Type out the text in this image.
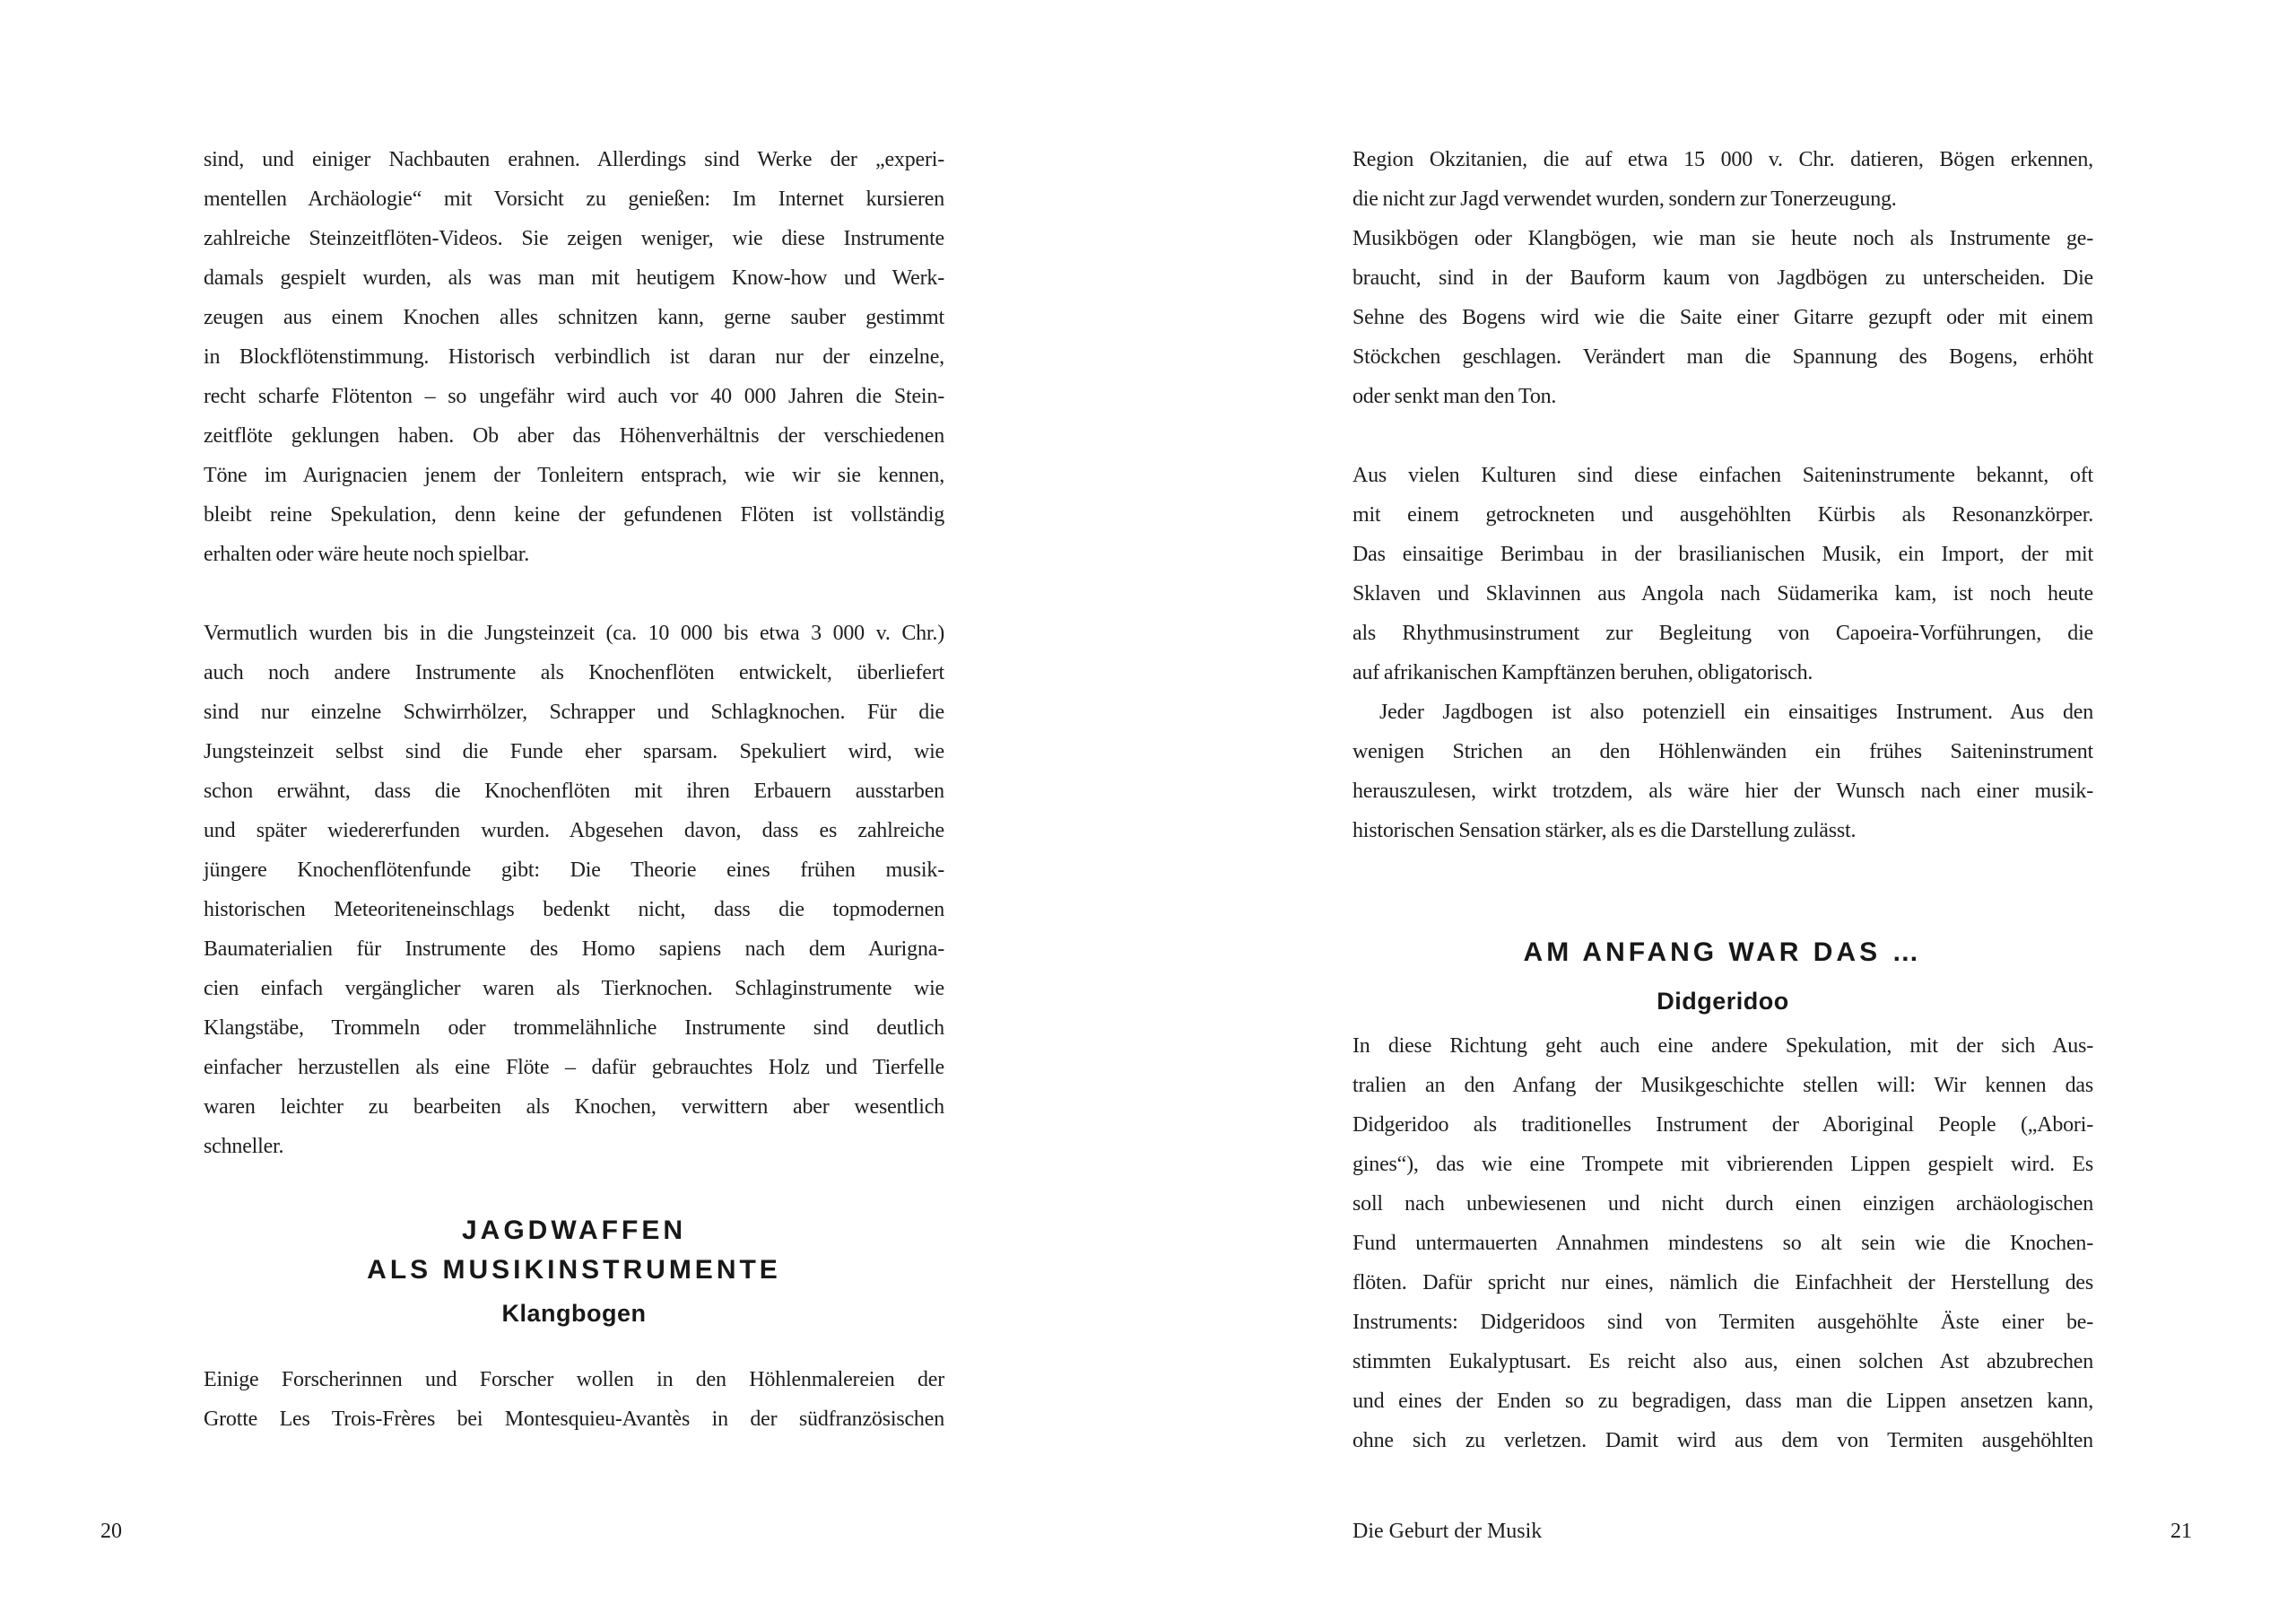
sind, und einiger Nachbauten erahnen. Allerdings sind Werke der „experi-
mentellen Archäologie“ mit Vorsicht zu genießen: Im Internet kursieren
zahlreiche Steinzeitflöten-Videos. Sie zeigen weniger, wie diese Instrumente
damals gespielt wurden, als was man mit heutigem Know-how und Werk-
zeugen aus einem Knochen alles schnitzen kann, gerne sauber gestimmt
in Blockflötenstimmung. Historisch verbindlich ist daran nur der einzelne,
recht scharfe Flötenton – so ungefähr wird auch vor 40 000 Jahren die Stein-
zeitflöte geklungen haben. Ob aber das Höhenverhältnis der verschiedenen
Töne im Aurignacien jenem der Tonleitern entsprach, wie wir sie kennen,
bleibt reine Spekulation, denn keine der gefundenen Flöten ist vollständig
erhalten oder wäre heute noch spielbar.
Vermutlich wurden bis in die Jungsteinzeit (ca. 10 000 bis etwa 3 000 v. Chr.)
auch noch andere Instrumente als Knochenflöten entwickelt, überliefert
sind nur einzelne Schwirrhölzer, Schrapper und Schlagknochen. Für die
Jungsteinzeit selbst sind die Funde eher sparsam. Spekuliert wird, wie
schon erwähnt, dass die Knochenflöten mit ihren Erbauern ausstarben
und später wiedererfunden wurden. Abgesehen davon, dass es zahlreiche
jüngere Knochenflötenfunde gibt: Die Theorie eines frühen musik-
historischen Meteoriteneinschlags bedenkt nicht, dass die topmodernen
Baumaterialien für Instrumente des Homo sapiens nach dem Aurigna-
cien einfach vergänglicher waren als Tierknochen. Schlaginstrumente wie
Klangstäbe, Trommeln oder trommelähnliche Instrumente sind deutlich
einfacher herzustellen als eine Flöte – dafür gebrauchtes Holz und Tierfelle
waren leichter zu bearbeiten als Knochen, verwittern aber wesentlich
schneller.
JAGDWAFFEN
ALS MUSIKINSTRUMENTE
Klangbogen
Einige Forscherinnen und Forscher wollen in den Höhlenmalereien der
Grotte Les Trois-Frères bei Montesquieu-Avantès in der südfranzösischen
20
Region Okzitanien, die auf etwa 15 000 v. Chr. datieren, Bögen erkennen,
die nicht zur Jagd verwendet wurden, sondern zur Tonerzeugung.
Musikbögen oder Klangbögen, wie man sie heute noch als Instrumente ge-
braucht, sind in der Bauform kaum von Jagdbögen zu unterscheiden. Die
Sehne des Bogens wird wie die Saite einer Gitarre gezupft oder mit einem
Stöckchen geschlagen. Verändert man die Spannung des Bogens, erhöht
oder senkt man den Ton.
Aus vielen Kulturen sind diese einfachen Saiteninstrumente bekannt, oft
mit einem getrockneten und ausgehöhlten Kürbis als Resonanzkörper.
Das einsaitige Berimbau in der brasilianischen Musik, ein Import, der mit
Sklaven und Sklavinnen aus Angola nach Südamerika kam, ist noch heute
als Rhythmusinstrument zur Begleitung von Capoeira-Vorführungen, die
auf afrikanischen Kampftänzen beruhen, obligatorisch.
Jeder Jagdbogen ist also potenziell ein einsaitiges Instrument. Aus den
wenigen Strichen an den Höhlenwänden ein frühes Saiteninstrument
herauszulesen, wirkt trotzdem, als wäre hier der Wunsch nach einer musik-
historischen Sensation stärker, als es die Darstellung zulässt.
AM ANFANG WAR DAS …
Didgeridoo
In diese Richtung geht auch eine andere Spekulation, mit der sich Aus-
tralien an den Anfang der Musikgeschichte stellen will: Wir kennen das
Didgeridoo als traditionelles Instrument der Aboriginal People („Abori-
gines“), das wie eine Trompete mit vibrierenden Lippen gespielt wird. Es
soll nach unbewiesenen und nicht durch einen einzigen archäologischen
Fund untermauerten Annahmen mindestens so alt sein wie die Knochen-
flöten. Dafür spricht nur eines, nämlich die Einfachheit der Herstellung des
Instruments: Didgeridoos sind von Termiten ausgehöhlte Äste einer be-
stimmten Eukalyptusart. Es reicht also aus, einen solchen Ast abzubrechen
und eines der Enden so zu begradigen, dass man die Lippen ansetzen kann,
ohne sich zu verletzen. Damit wird aus dem von Termiten ausgehöhlten
Die Geburt der Musik	21
